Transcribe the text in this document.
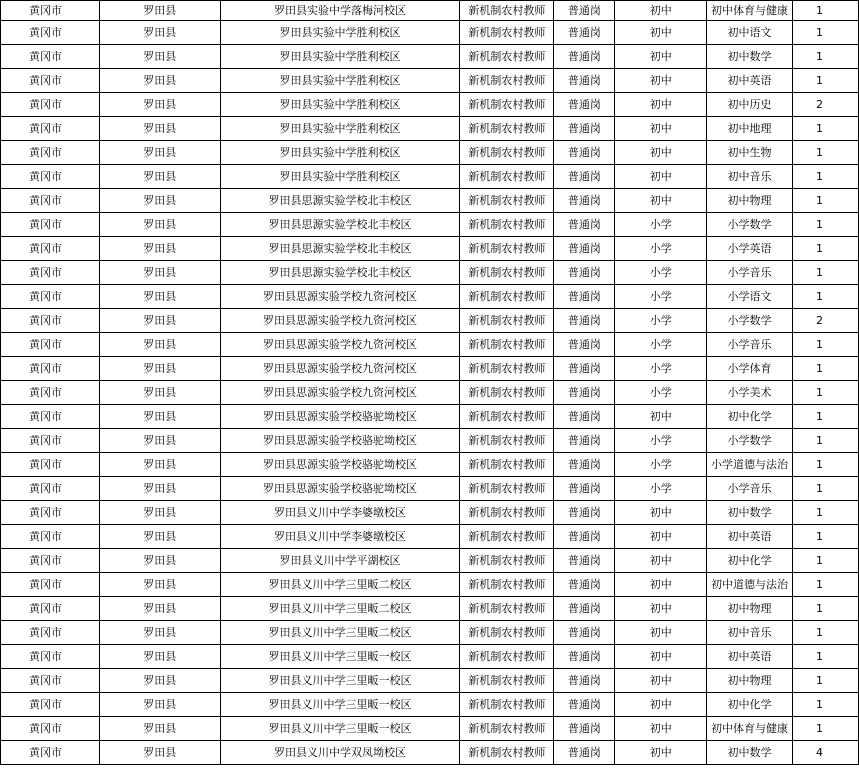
黄冈市	罗田县	罗田县实验中学落梅河校区	新机制农村教师	普通岗	初中	初中体育与健康	1
黄冈市	罗田县	罗田县实验中学胜利校区	新机制农村教师	普通岗	初中	初中语文	1
黄冈市	罗田县	罗田县实验中学胜利校区	新机制农村教师	普通岗	初中	初中数学	1
黄冈市	罗田县	罗田县实验中学胜利校区	新机制农村教师	普通岗	初中	初中英语	1
黄冈市	罗田县	罗田县实验中学胜利校区	新机制农村教师	普通岗	初中	初中历史	2
黄冈市	罗田县	罗田县实验中学胜利校区	新机制农村教师	普通岗	初中	初中地理	1
黄冈市	罗田县	罗田县实验中学胜利校区	新机制农村教师	普通岗	初中	初中生物	1
黄冈市	罗田县	罗田县实验中学胜利校区	新机制农村教师	普通岗	初中	初中音乐	1
黄冈市	罗田县	罗田县思源实验学校北丰校区	新机制农村教师	普通岗	初中	初中物理	1
黄冈市	罗田县	罗田县思源实验学校北丰校区	新机制农村教师	普通岗	小学	小学数学	1
黄冈市	罗田县	罗田县思源实验学校北丰校区	新机制农村教师	普通岗	小学	小学英语	1
黄冈市	罗田县	罗田县思源实验学校北丰校区	新机制农村教师	普通岗	小学	小学音乐	1
黄冈市	罗田县	罗田县思源实验学校九资河校区	新机制农村教师	普通岗	小学	小学语文	1
黄冈市	罗田县	罗田县思源实验学校九资河校区	新机制农村教师	普通岗	小学	小学数学	2
黄冈市	罗田县	罗田县思源实验学校九资河校区	新机制农村教师	普通岗	小学	小学音乐	1
黄冈市	罗田县	罗田县思源实验学校九资河校区	新机制农村教师	普通岗	小学	小学体育	1
黄冈市	罗田县	罗田县思源实验学校九资河校区	新机制农村教师	普通岗	小学	小学美术	1
黄冈市	罗田县	罗田县思源实验学校骆驼坳校区	新机制农村教师	普通岗	初中	初中化学	1
黄冈市	罗田县	罗田县思源实验学校骆驼坳校区	新机制农村教师	普通岗	小学	小学数学	1
黄冈市	罗田县	罗田县思源实验学校骆驼坳校区	新机制农村教师	普通岗	小学	小学道德与法治	1
黄冈市	罗田县	罗田县思源实验学校骆驼坳校区	新机制农村教师	普通岗	小学	小学音乐	1
黄冈市	罗田县	罗田县义川中学李婆墩校区	新机制农村教师	普通岗	初中	初中数学	1
黄冈市	罗田县	罗田县义川中学李婆墩校区	新机制农村教师	普通岗	初中	初中英语	1
黄冈市	罗田县	罗田县义川中学平湖校区	新机制农村教师	普通岗	初中	初中化学	1
黄冈市	罗田县	罗田县义川中学三里畈二校区	新机制农村教师	普通岗	初中	初中道德与法治	1
黄冈市	罗田县	罗田县义川中学三里畈二校区	新机制农村教师	普通岗	初中	初中物理	1
黄冈市	罗田县	罗田县义川中学三里畈二校区	新机制农村教师	普通岗	初中	初中音乐	1
黄冈市	罗田县	罗田县义川中学三里畈一校区	新机制农村教师	普通岗	初中	初中英语	1
黄冈市	罗田县	罗田县义川中学三里畈一校区	新机制农村教师	普通岗	初中	初中物理	1
黄冈市	罗田县	罗田县义川中学三里畈一校区	新机制农村教师	普通岗	初中	初中化学	1
黄冈市	罗田县	罗田县义川中学三里畈一校区	新机制农村教师	普通岗	初中	初中体育与健康	1
黄冈市	罗田县	罗田县义川中学双凤坳校区	新机制农村教师	普通岗	初中	初中数学	4
